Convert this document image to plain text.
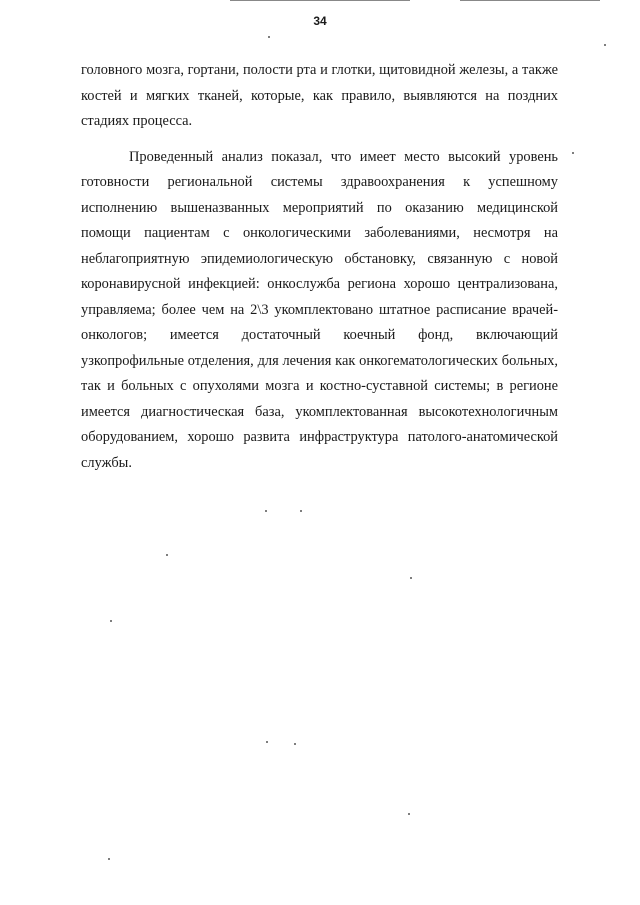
34

головного мозга, гортани, полости рта и глотки, щитовидной железы, а также костей и мягких тканей, которые, как правило, выявляются на поздних стадиях процесса.

Проведенный анализ показал, что имеет место высокий уровень готовности региональной системы здравоохранения к успешному исполнению вышеназванных мероприятий по оказанию медицинской помощи пациентам с онкологическими заболеваниями, несмотря на неблагоприятную эпидемиологическую обстановку, связанную с новой коронавирусной инфекцией: онкослужба региона хорошо централизована, управляема; более чем на 2\3 укомплектовано штатное расписание врачей-онкологов; имеется достаточный коечный фонд, включающий узкопрофильные отделения, для лечения как онкогематологических больных, так и больных с опухолями мозга и костно-суставной системы; в регионе имеется диагностическая база, укомплектованная высокотехнологичным оборудованием, хорошо развита инфраструктура патолого-анатомической службы.
